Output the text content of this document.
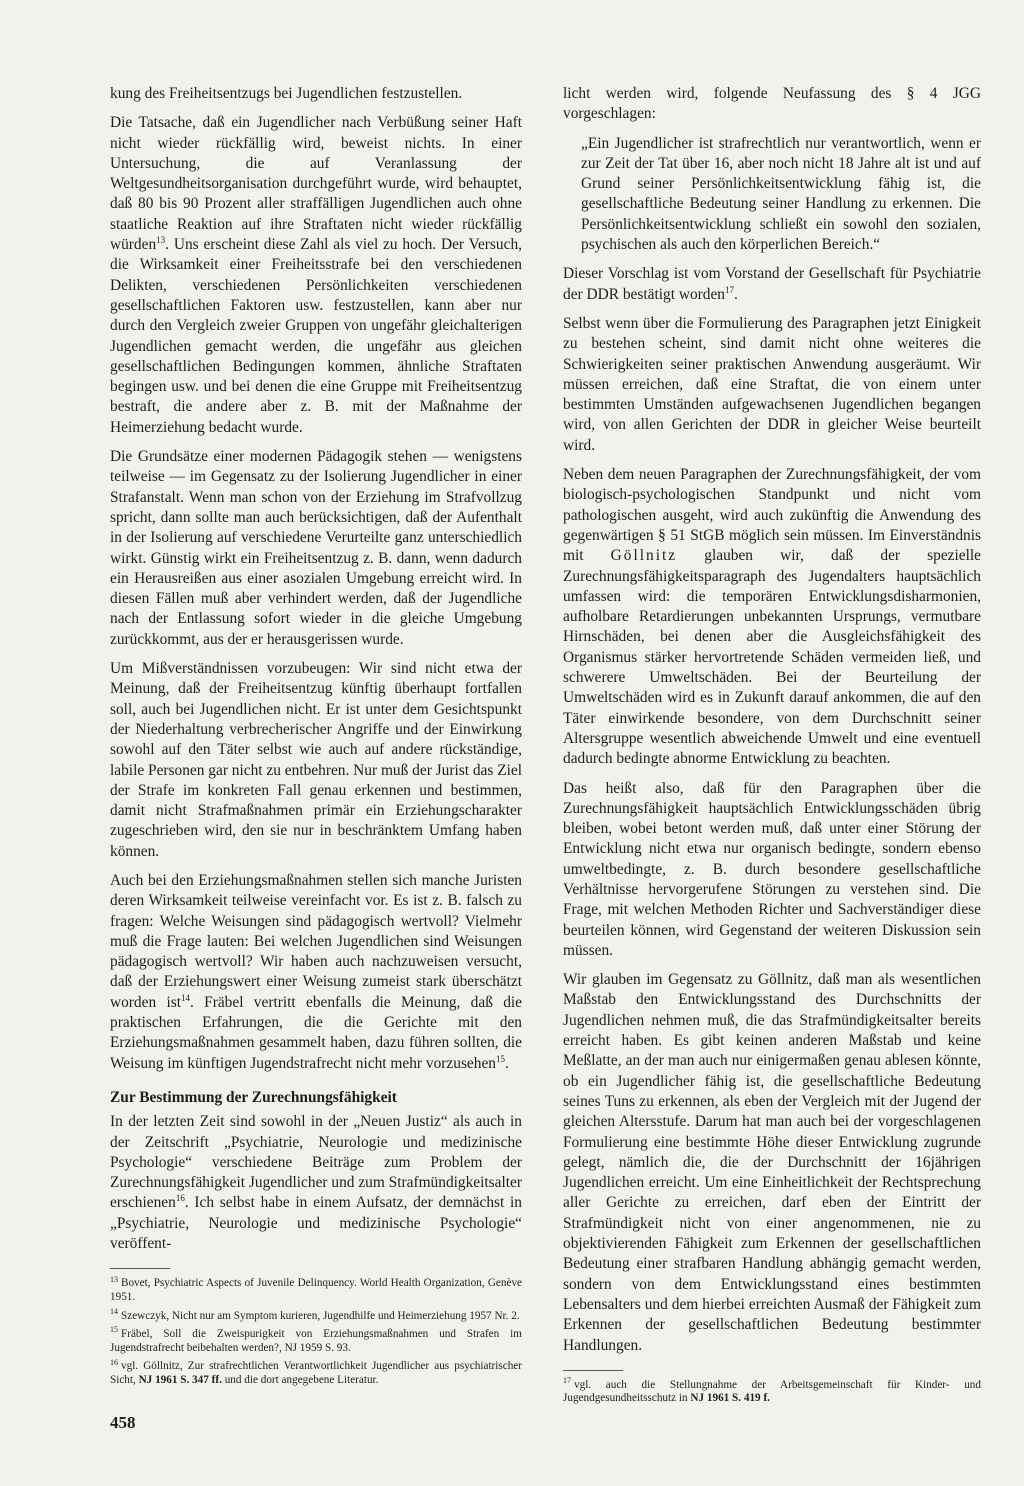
kung des Freiheitsentzugs bei Jugendlichen festzustellen.

Die Tatsache, daß ein Jugendlicher nach Verbüßung seiner Haft nicht wieder rückfällig wird, beweist nichts. In einer Untersuchung, die auf Veranlassung der Weltgesundheitsorganisation durchgeführt wurde, wird behauptet, daß 80 bis 90 Prozent aller straffälligen Jugendlichen auch ohne staatliche Reaktion auf ihre Straftaten nicht wieder rückfällig würden$^{13}$. Uns erscheint diese Zahl als viel zu hoch. Der Versuch, die Wirksamkeit einer Freiheitsstrafe bei den verschiedenen Delikten, verschiedenen Persönlichkeiten verschiedenen gesellschaftlichen Faktoren usw. festzustellen, kann aber nur durch den Vergleich zweier Gruppen von ungefähr gleichalterigen Jugendlichen gemacht werden, die ungefähr aus gleichen gesellschaftlichen Bedingungen kommen, ähnliche Straftaten begingen usw. und bei denen die eine Gruppe mit Freiheitsentzug bestraft, die andere aber z. B. mit der Maßnahme der Heimerziehung bedacht wurde.

Die Grundsätze einer modernen Pädagogik stehen — wenigstens teilweise — im Gegensatz zu der Isolierung Jugendlicher in einer Strafanstalt. Wenn man schon von der Erziehung im Strafvollzug spricht, dann sollte man auch berücksichtigen, daß der Aufenthalt in der Isolierung auf verschiedene Verurteilte ganz unterschiedlich wirkt. Günstig wirkt ein Freiheitsentzug z. B. dann, wenn dadurch ein Herausreißen aus einer asozialen Umgebung erreicht wird. In diesen Fällen muß aber verhindert werden, daß der Jugendliche nach der Entlassung sofort wieder in die gleiche Umgebung zurückkommt, aus der er herausgerissen wurde.

Um Mißverständnissen vorzubeugen: Wir sind nicht etwa der Meinung, daß der Freiheitsentzug künftig überhaupt fortfallen soll, auch bei Jugendlichen nicht. Er ist unter dem Gesichtspunkt der Niederhaltung verbrecherischer Angriffe und der Einwirkung sowohl auf den Täter selbst wie auch auf andere rückständige, labile Personen gar nicht zu entbehren. Nur muß der Jurist das Ziel der Strafe im konkreten Fall genau erkennen und bestimmen, damit nicht Strafmaßnahmen primär ein Erziehungscharakter zugeschrieben wird, den sie nur in beschränktem Umfang haben können.

Auch bei den Erziehungsmaßnahmen stellen sich manche Juristen deren Wirksamkeit teilweise vereinfacht vor. Es ist z. B. falsch zu fragen: Welche Weisungen sind pädagogisch wertvoll? Vielmehr muß die Frage lauten: Bei welchen Jugendlichen sind Weisungen pädagogisch wertvoll? Wir haben auch nachzuweisen versucht, daß der Erziehungswert einer Weisung zumeist stark überschätzt worden ist$^{14}$. Fräbel vertritt ebenfalls die Meinung, daß die praktischen Erfahrungen, die die Gerichte mit den Erziehungsmaßnahmen gesammelt haben, dazu führen sollten, die Weisung im künftigen Jugendstrafrecht nicht mehr vorzusehen$^{15}$.

Zur Bestimmung der Zurechnungsfähigkeit

In der letzten Zeit sind sowohl in der „Neuen Justiz“ als auch in der Zeitschrift „Psychiatrie, Neurologie und medizinische Psychologie“ verschiedene Beiträge zum Problem der Zurechnungsfähigkeit Jugendlicher und zum Strafmündigkeitsalter erschienen$^{16}$. Ich selbst habe in einem Aufsatz, der demnächst in „Psychiatrie, Neurologie und medizinische Psychologie“ veröffent-

$^{13}$ Bovet, Psychiatric Aspects of Juvenile Delinquency. World Health Organization, Genève 1951.
$^{14}$ Szewczyk, Nicht nur am Symptom kurieren, Jugendhilfe und Heimerziehung 1957 Nr. 2.
$^{15}$ Fräbel, Soll die Zweispurigkeit von Erziehungsmaßnahmen und Strafen im Jugendstrafrecht beibehalten werden?, NJ 1959 S. 93.
$^{16}$ vgl. Göllnitz, Zur strafrechtlichen Verantwortlichkeit Jugendlicher aus psychiatrischer Sicht, NJ 1961 S. 347 ff. und die dort angegebene Literatur.

licht werden wird, folgende Neufassung des § 4 JGG vorgeschlagen:

„Ein Jugendlicher ist strafrechtlich nur verantwortlich, wenn er zur Zeit der Tat über 16, aber noch nicht 18 Jahre alt ist und auf Grund seiner Persönlichkeitsentwicklung fähig ist, die gesellschaftliche Bedeutung seiner Handlung zu erkennen. Die Persönlichkeitsentwicklung schließt ein sowohl den sozialen, psychischen als auch den körperlichen Bereich.“

Dieser Vorschlag ist vom Vorstand der Gesellschaft für Psychiatrie der DDR bestätigt worden$^{17}$.

Selbst wenn über die Formulierung des Paragraphen jetzt Einigkeit zu bestehen scheint, sind damit nicht ohne weiteres die Schwierigkeiten seiner praktischen Anwendung ausgeräumt. Wir müssen erreichen, daß eine Straftat, die von einem unter bestimmten Umständen aufgewachsenen Jugendlichen begangen wird, von allen Gerichten der DDR in gleicher Weise beurteilt wird.

Neben dem neuen Paragraphen der Zurechnungsfähigkeit, der vom biologisch-psychologischen Standpunkt und nicht vom pathologischen ausgeht, wird auch zukünftig die Anwendung des gegenwärtigen § 51 StGB möglich sein müssen. Im Einverständnis mit Göllnitz glauben wir, daß der spezielle Zurechnungsfähigkeitsparagraph des Jugendalters hauptsächlich umfassen wird: die temporären Entwicklungsdisharmonien, aufholbare Retardierungen unbekannten Ursprungs, vermutbare Hirnschäden, bei denen aber die Ausgleichsfähigkeit des Organismus stärker hervortretende Schäden vermeiden ließ, und schwerere Umweltschäden. Bei der Beurteilung der Umweltschäden wird es in Zukunft darauf ankommen, die auf den Täter einwirkende besondere, von dem Durchschnitt seiner Altersgruppe wesentlich abweichende Umwelt und eine eventuell dadurch bedingte abnorme Entwicklung zu beachten.

Das heißt also, daß für den Paragraphen über die Zurechnungsfähigkeit hauptsächlich Entwicklungsschäden übrig bleiben, wobei betont werden muß, daß unter einer Störung der Entwicklung nicht etwa nur organisch bedingte, sondern ebenso umweltbedingte, z. B. durch besondere gesellschaftliche Verhältnisse hervorgerufene Störungen zu verstehen sind. Die Frage, mit welchen Methoden Richter und Sachverständiger diese beurteilen können, wird Gegenstand der weiteren Diskussion sein müssen.

Wir glauben im Gegensatz zu Göllnitz, daß man als wesentlichen Maßstab den Entwicklungsstand des Durchschnitts der Jugendlichen nehmen muß, die das Strafmündigkeitsalter bereits erreicht haben. Es gibt keinen anderen Maßstab und keine Meßlatte, an der man auch nur einigermaßen genau ablesen könnte, ob ein Jugendlicher fähig ist, die gesellschaftliche Bedeutung seines Tuns zu erkennen, als eben der Vergleich mit der Jugend der gleichen Altersstufe. Darum hat man auch bei der vorgeschlagenen Formulierung eine bestimmte Höhe dieser Entwicklung zugrunde gelegt, nämlich die, die der Durchschnitt der 16jährigen Jugendlichen erreicht. Um eine Einheitlichkeit der Rechtsprechung aller Gerichte zu erreichen, darf eben der Eintritt der Strafmündigkeit nicht von einer angenommenen, nie zu objektivierenden Fähigkeit zum Erkennen der gesellschaftlichen Bedeutung einer strafbaren Handlung abhängig gemacht werden, sondern von dem Entwicklungsstand eines bestimmten Lebensalters und dem hierbei erreichten Ausmaß der Fähigkeit zum Erkennen der gesellschaftlichen Bedeutung bestimmter Handlungen.

$^{17}$ vgl. auch die Stellungnahme der Arbeitsgemeinschaft für Kinder- und Jugendgesundheitsschutz in NJ 1961 S. 419 f.
458
